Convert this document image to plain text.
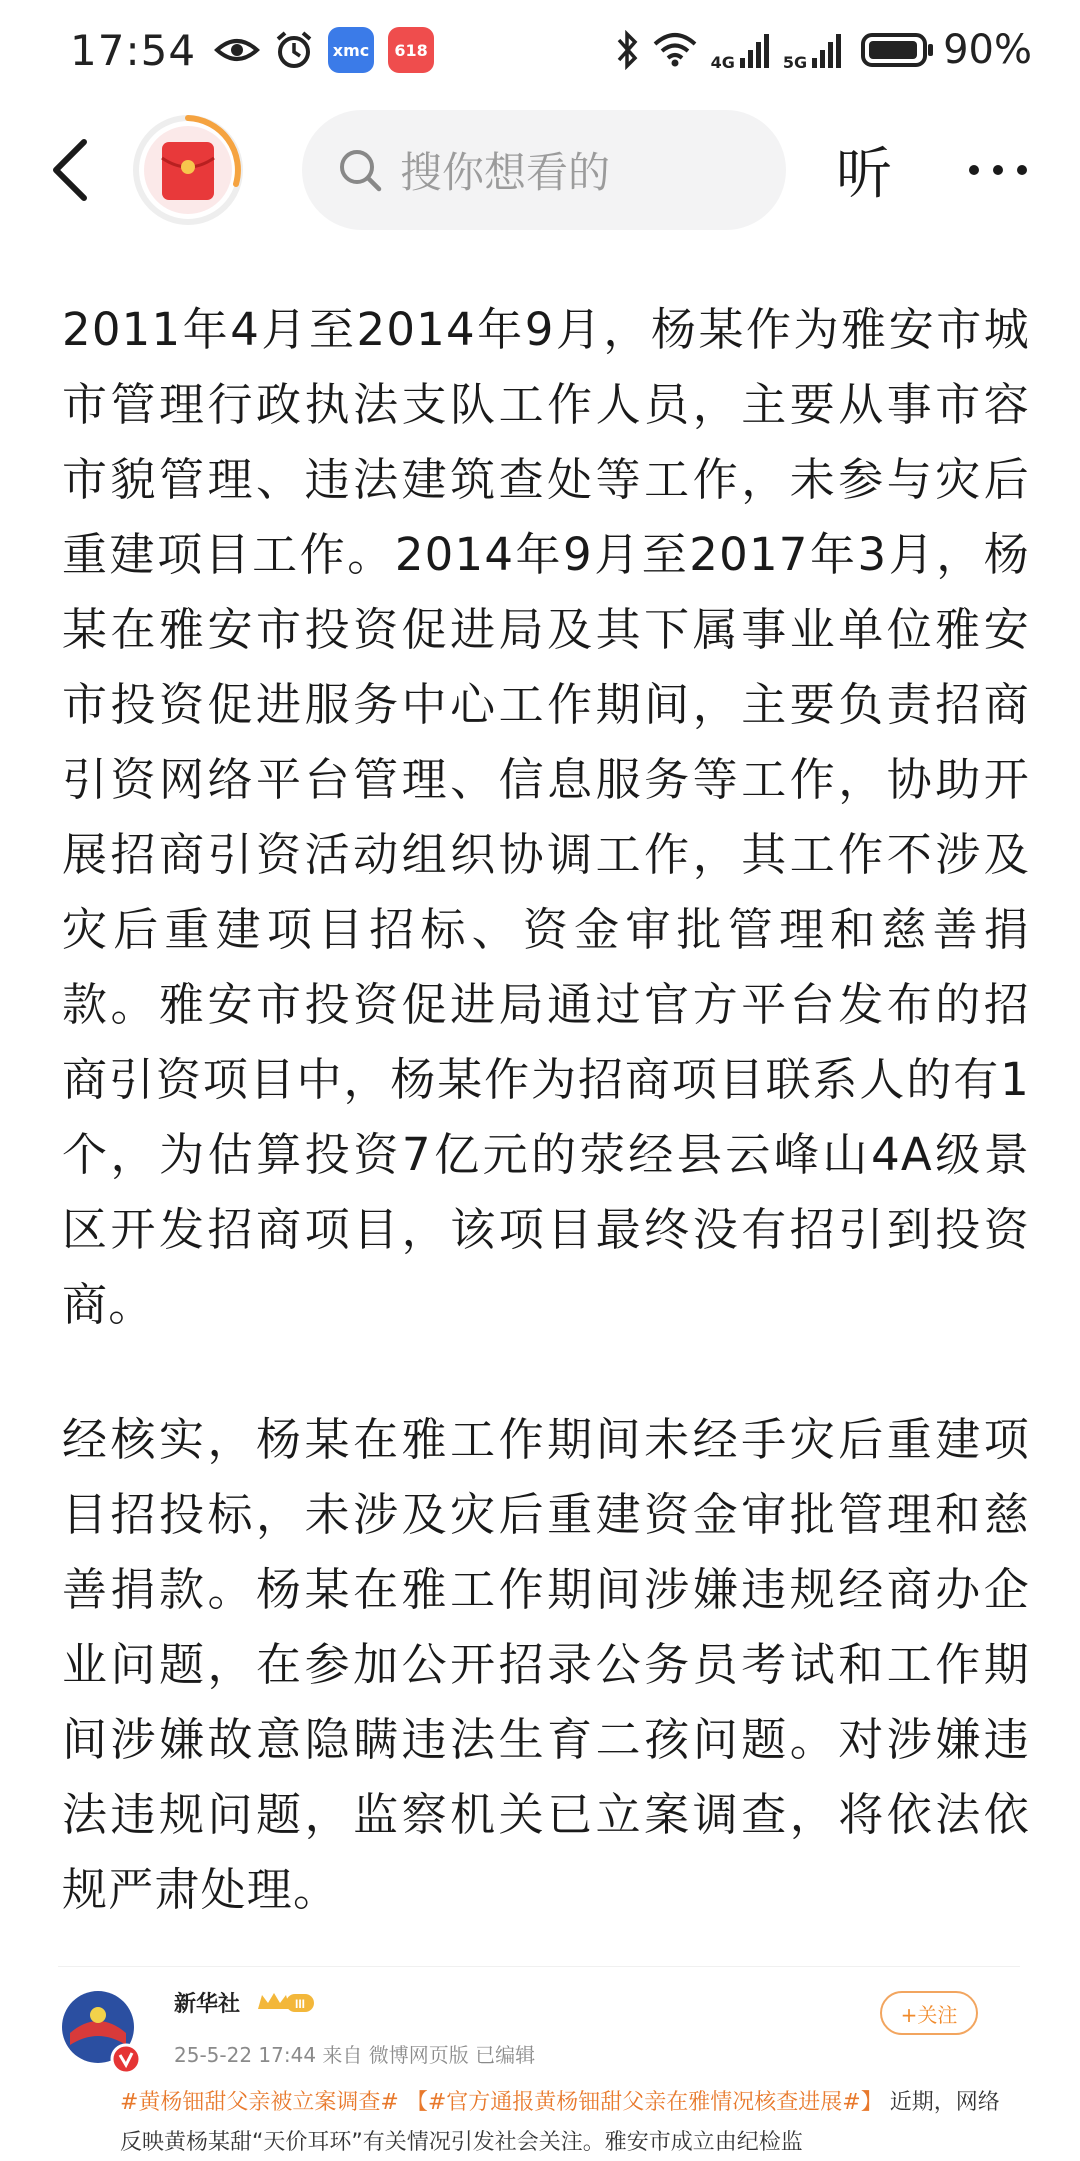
17:54	xmc	618
4G	5G	90%
搜你想看的	听

2011年4月至2014年9月，杨某作为雅安市城市管理行政执法支队工作人员，主要从事市容市貌管理、违法建筑查处等工作，未参与灾后重建项目工作。2014年9月至2017年3月，杨某在雅安市投资促进局及其下属事业单位雅安市投资促进服务中心工作期间，主要负责招商引资网络平台管理、信息服务等工作，协助开展招商引资活动组织协调工作，其工作不涉及灾后重建项目招标、资金审批管理和慈善捐款。雅安市投资促进局通过官方平台发布的招商引资项目中，杨某作为招商项目联系人的有1个，为估算投资7亿元的荥经县云峰山4A级景区开发招商项目，该项目最终没有招引到投资商。

经核实，杨某在雅工作期间未经手灾后重建项目招投标，未涉及灾后重建资金审批管理和慈善捐款。杨某在雅工作期间涉嫌违规经商办企业问题，在参加公开招录公务员考试和工作期间涉嫌故意隐瞒违法生育二孩问题。对涉嫌违法违规问题，监察机关已立案调查，将依法依规严肃处理。

新华社	III
25-5-22 17:44 来自 微博网页版 已编辑
+关注
#黄杨钿甜父亲被立案调查# 【#官方通报黄杨钿甜父亲在雅情况核查进展#】 近期，网络反映黄杨某甜“天价耳环”有关情况引发社会关注。雅安市成立由纪检监
